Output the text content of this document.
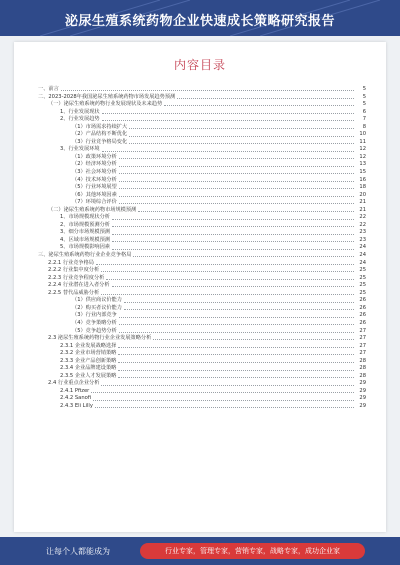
泌尿生殖系统药物企业快速成长策略研究报告
内容目录
一、前言	5
二、2023-2028年我国泌尿生殖系统药物市场发展趋势预测	5
（一）泌尿生殖系统药物行业发展现状及未来趋势	5
1、行业发展现状	6
2、行业发展趋势	7
（1）市场需求持续扩大	8
（2）产品结构不断优化	10
（3）行业竞争格局变化	11
3、行业发展环境	12
（1）政策环境分析	12
（2）经济环境分析	13
（3）社会环境分析	15
（4）技术环境分析	16
（5）行业环境展望	18
（6）其他环境因素	20
（7）环境综合评价	21
（二）泌尿生殖系统药物市场规模预测	21
1、市场规模现状分析	22
2、市场规模预测分析	22
3、细分市场规模预测	23
4、区域市场规模预测	23
5、市场规模影响因素	24
三、泌尿生殖系统药物行业企业竞争格局	24
2.2.1 行业竞争格局	24
2.2.2 行业集中度分析	25
2.2.3 行业竞争程度分析	25
2.2.4 行业潜在进入者分析	25
2.2.5 替代品威胁分析	25
（1）供应商议价能力	26
（2）购买者议价能力	26
（3）行业内部竞争	26
（4）竞争策略分析	26
（5）竞争趋势分析	27
2.3 泌尿生殖系统药物行业企业发展策略分析	27
2.3.1 企业发展战略选择	27
2.3.2 企业市场营销策略	27
2.3.3 企业产品创新策略	28
2.3.4 企业品牌建设策略	28
2.3.5 企业人才发展策略	28
2.4 行业重点企业分析	29
2.4.1 Pfizer	29
2.4.2 Sanofi	29
2.4.3 Eli Lilly	29
让每个人都能成为	行业专家，管理专家，营销专家，战略专家，成功企业家
